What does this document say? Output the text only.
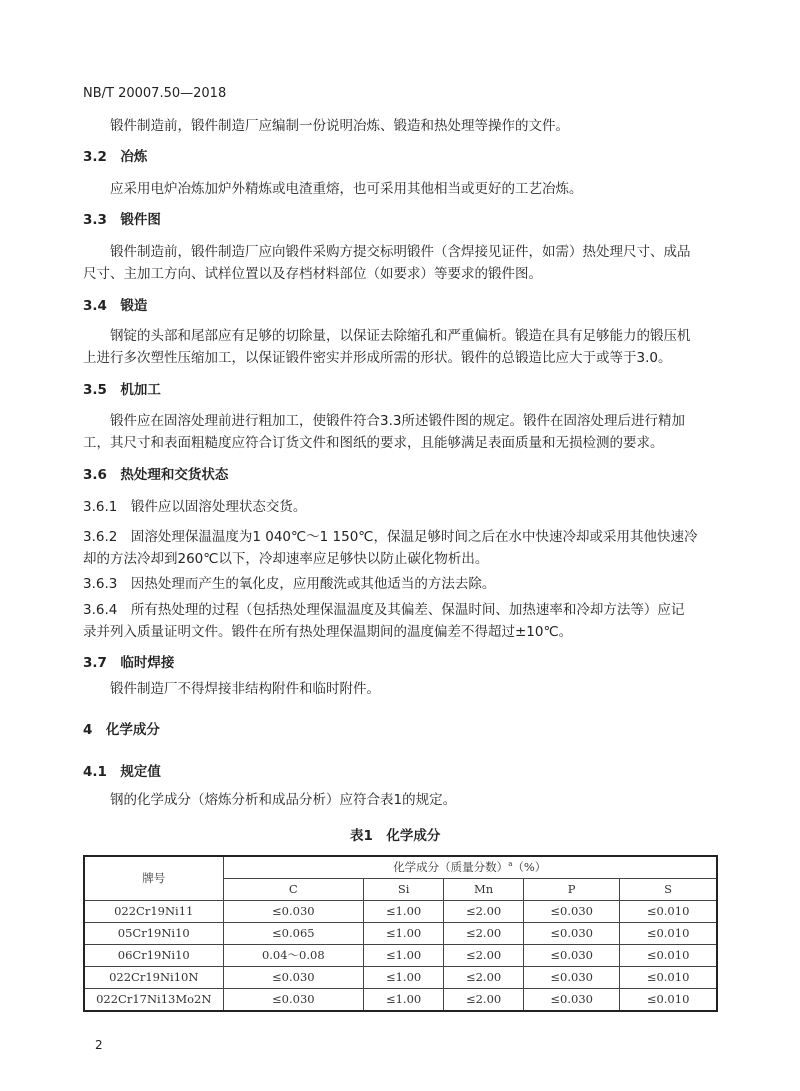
NB/T 20007.50—2018
锻件制造前，锻件制造厂应编制一份说明冶炼、锻造和热处理等操作的文件。
3.2　冶炼
应采用电炉冶炼加炉外精炼或电渣重熔，也可采用其他相当或更好的工艺冶炼。
3.3　锻件图
锻件制造前，锻件制造厂应向锻件采购方提交标明锻件（含焊接见证件，如需）热处理尺寸、成品
尺寸、主加工方向、试样位置以及存档材料部位（如要求）等要求的锻件图。
3.4　锻造
钢锭的头部和尾部应有足够的切除量，以保证去除缩孔和严重偏析。锻造在具有足够能力的锻压机
上进行多次塑性压缩加工，以保证锻件密实并形成所需的形状。锻件的总锻造比应大于或等于3.0。
3.5　机加工
锻件应在固溶处理前进行粗加工，使锻件符合3.3所述锻件图的规定。锻件在固溶处理后进行精加
工，其尺寸和表面粗糙度应符合订货文件和图纸的要求，且能够满足表面质量和无损检测的要求。
3.6　热处理和交货状态
3.6.1　锻件应以固溶处理状态交货。
3.6.2　固溶处理保温温度为1 040℃～1 150℃，保温足够时间之后在水中快速冷却或采用其他快速冷
却的方法冷却到260℃以下，冷却速率应足够快以防止碳化物析出。
3.6.3　因热处理而产生的氧化皮，应用酸洗或其他适当的方法去除。
3.6.4　所有热处理的过程（包括热处理保温温度及其偏差、保温时间、加热速率和冷却方法等）应记
录并列入质量证明文件。锻件在所有热处理保温期间的温度偏差不得超过±10℃。
3.7　临时焊接
锻件制造厂不得焊接非结构附件和临时附件。
4　化学成分
4.1　规定值
钢的化学成分（熔炼分析和成品分析）应符合表1的规定。
表1　化学成分
牌号	化学成分（质量分数）$^a$（%）				
	C	Si	Mn	P	S
022Cr19Ni11	≤0.030	≤1.00	≤2.00	≤0.030	≤0.010
05Cr19Ni10	≤0.065	≤1.00	≤2.00	≤0.030	≤0.010
06Cr19Ni10	0.04～0.08	≤1.00	≤2.00	≤0.030	≤0.010
022Cr19Ni10N	≤0.030	≤1.00	≤2.00	≤0.030	≤0.010
022Cr17Ni13Mo2N	≤0.030	≤1.00	≤2.00	≤0.030	≤0.010
2
